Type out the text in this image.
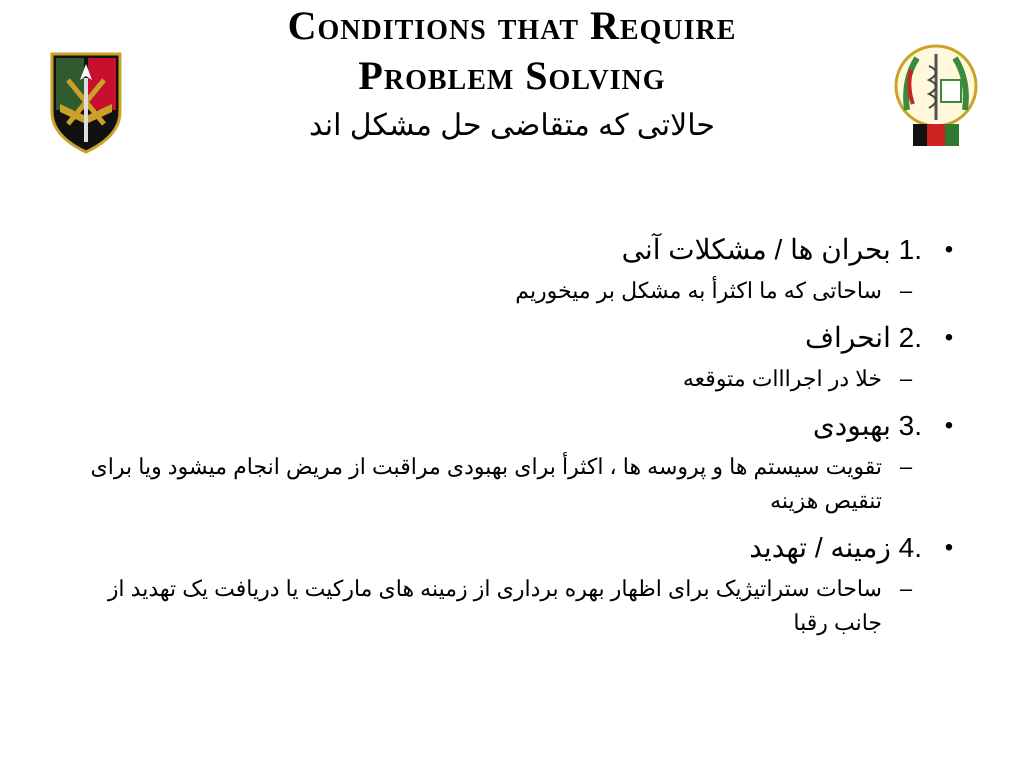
Conditions that Require
Problem Solving
حالاتی که متقاضی حل مشکل اند
•
1. بحران ها / مشکلات آنی
–
ساحاتی که ما اکثرأ به مشکل بر میخوریم
•
2. انحراف
–
خلا در اجرااات متوقعه
•
3. بهبودی
–
تقویت سیستم ها و پروسه ها ، اکثرأ برای بهبودی مراقبت از مریض انجام میشود ویا برای تنقیص هزینه
•
4. زمینه / تهدید
–
ساحات ستراتیژیک برای اظهار بهره برداری از زمینه های مارکیت یا دریافت یک تهدید از جانب رقبا
